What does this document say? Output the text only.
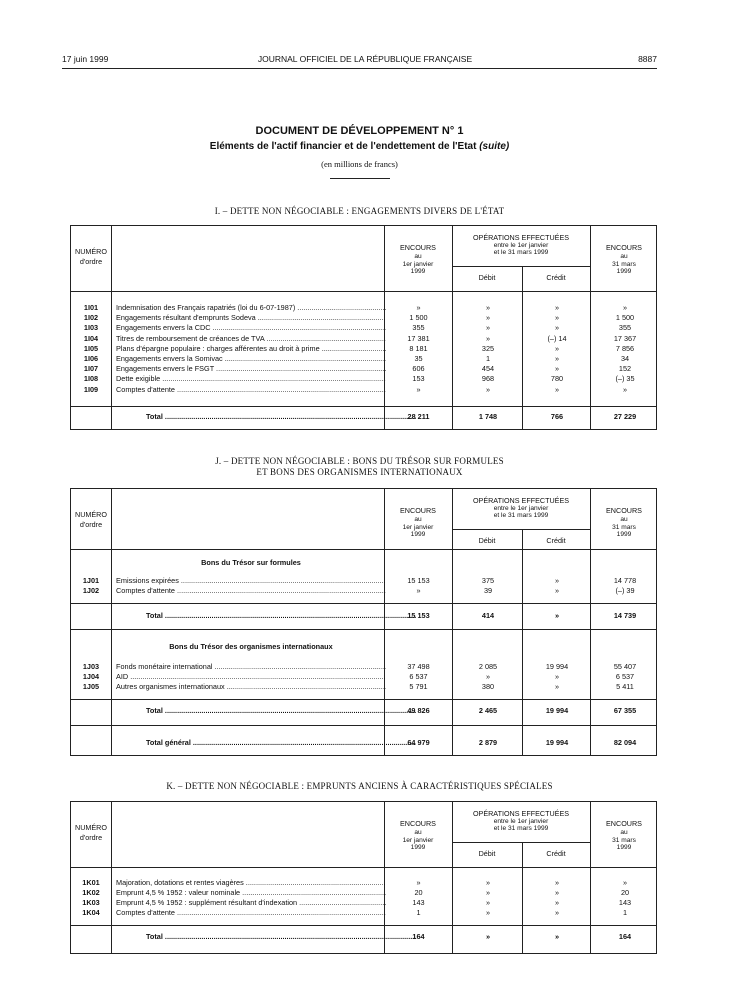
17 juin 1999	JOURNAL OFFICIEL DE LA RÉPUBLIQUE FRANÇAISE	8887
DOCUMENT DE DÉVELOPPEMENT N° 1
Eléments de l'actif financier et de l'endettement de l'Etat (suite)
(en millions de francs)
I. – DETTE NON NÉGOCIABLE : ENGAGEMENTS DIVERS DE L'ÉTAT
NUMÉRO
d'ordre
ENCOURS
au
1er janvier
1999
OPÉRATIONS EFFECTUÉES
entre le 1er janvier
et le 31 mars 1999
Débit	Crédit
ENCOURS
au
31 mars
1999
1I01	Indemnisation des Français rapatriés (loi du 6-07-1987) .....	»	»	»	»
1I02	Engagements résultant d'emprunts Sodeva .....	1 500	»	»	1 500
1I03	Engagements envers la CDC .....	355	»	»	355
1I04	Titres de remboursement de créances de TVA .....	17 381	»	(–) 14	17 367
1I05	Plans d'épargne populaire : charges afférentes au droit à prime .....	8 181	325	»	7 856
1I06	Engagements envers la Somivac .....	35	1	»	34
1I07	Engagements envers le FSGT .....	606	454	»	152
1I08	Dette exigible .....	153	968	780	(–) 35
1I09	Comptes d'attente .....	»	»	»	»
Total .....	28 211	1 748	766	27 229
J. – DETTE NON NÉGOCIABLE : BONS DU TRÉSOR SUR FORMULES
ET BONS DES ORGANISMES INTERNATIONAUX
NUMÉRO
d'ordre
ENCOURS
au
1er janvier
1999
OPÉRATIONS EFFECTUÉES
entre le 1er janvier
et le 31 mars 1999
Débit	Crédit
ENCOURS
au
31 mars
1999
Bons du Trésor sur formules
1J01	Emissions expirées .....	15 153	375	»	14 778
1J02	Comptes d'attente .....	»	39	»	(–) 39
Total .....	15 153	414	»	14 739
Bons du Trésor des organismes internationaux
1J03	Fonds monétaire international .....	37 498	2 085	19 994	55 407
1J04	AID .....	6 537	»	»	6 537
1J05	Autres organismes internationaux .....	5 791	380	»	5 411
Total .....	49 826	2 465	19 994	67 355
Total général .....	64 979	2 879	19 994	82 094
K. – DETTE NON NÉGOCIABLE : EMPRUNTS ANCIENS À CARACTÉRISTIQUES SPÉCIALES
NUMÉRO
d'ordre
ENCOURS
au
1er janvier
1999
OPÉRATIONS EFFECTUÉES
entre le 1er janvier
et le 31 mars 1999
Débit	Crédit
ENCOURS
au
31 mars
1999
1K01	Majoration, dotations et rentes viagères .....	»	»	»	»
1K02	Emprunt 4,5 % 1952 : valeur nominale .....	20	»	»	20
1K03	Emprunt 4,5 % 1952 : supplément résultant d'indexation .....	143	»	»	143
1K04	Comptes d'attente .....	1	»	»	1
Total .....	164	»	»	164
